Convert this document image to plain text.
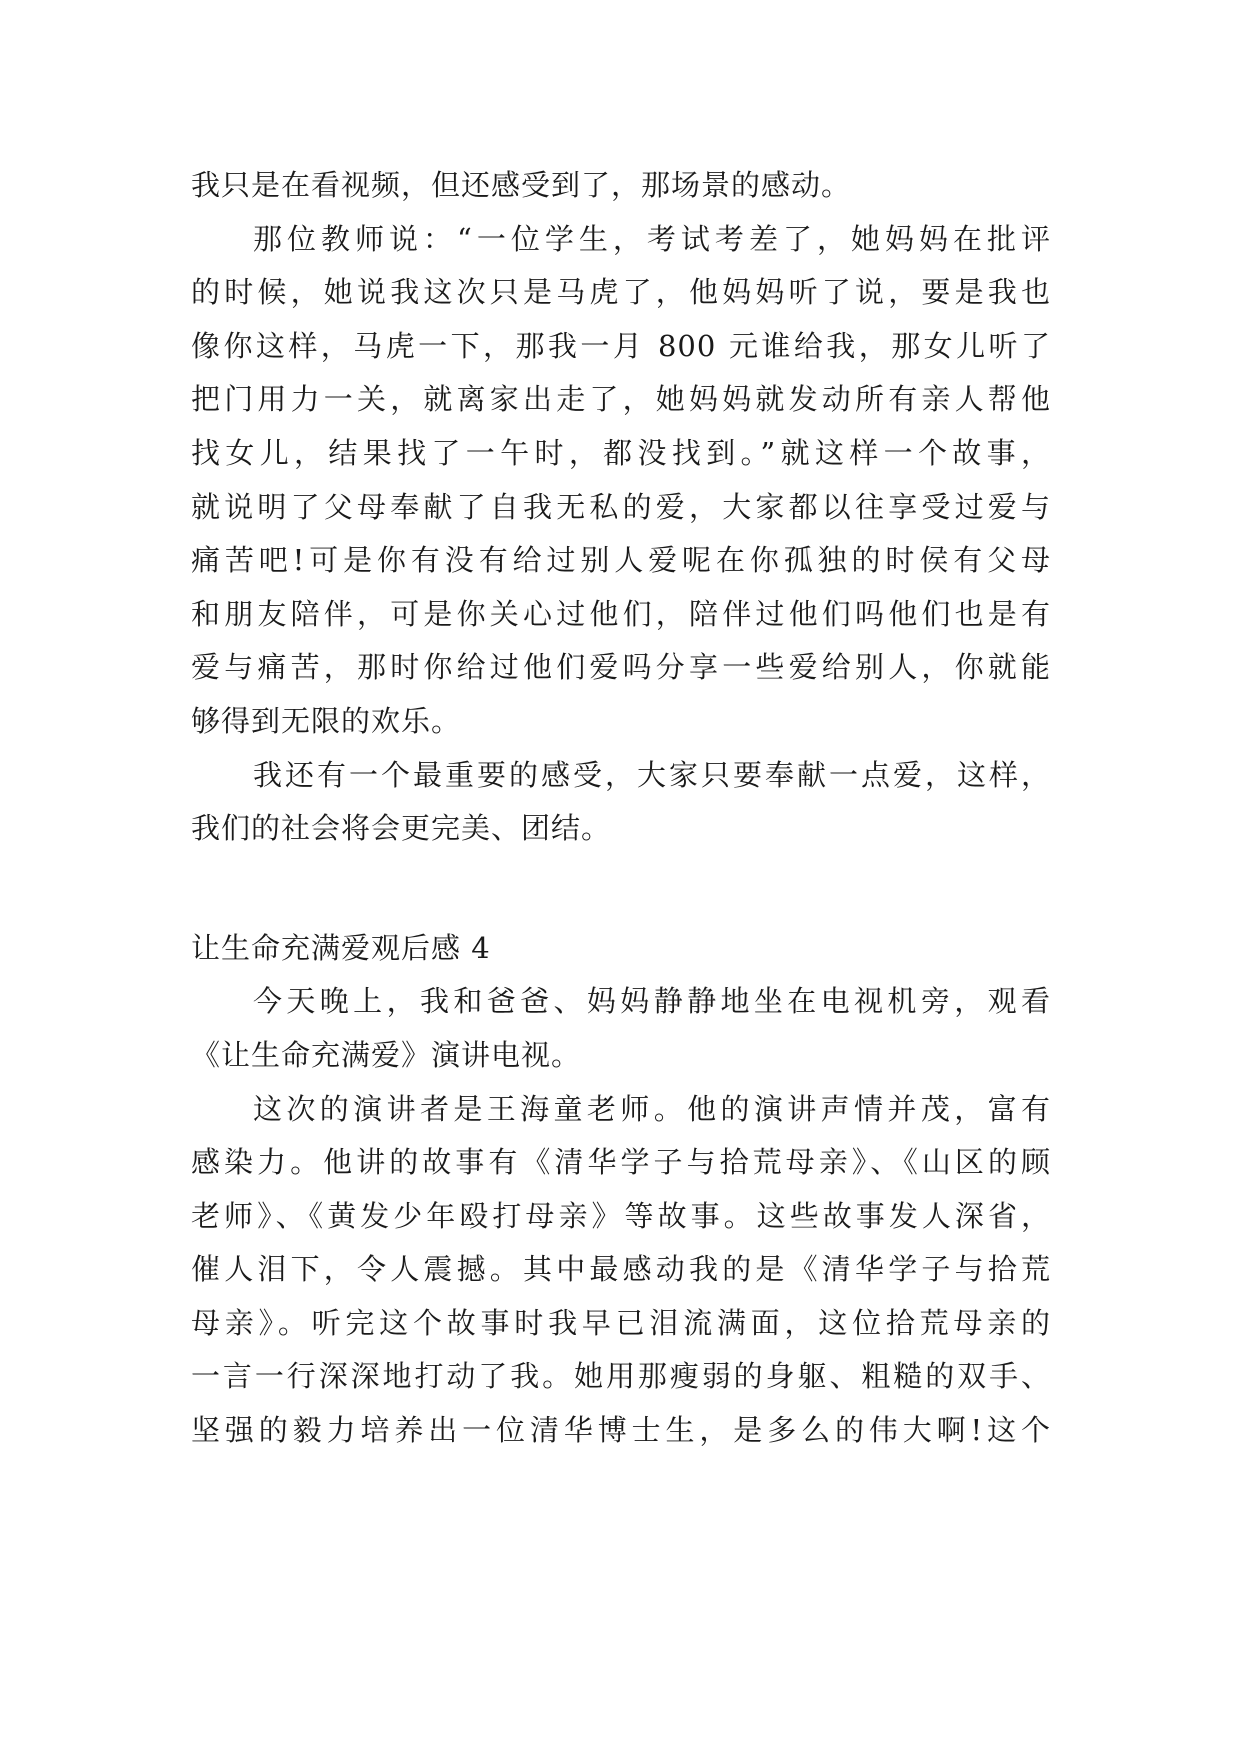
我只是在看视频，但还感受到了，那场景的感动。
那位教师说：“一位学生，考试考差了，她妈妈在批评
的时候，她说我这次只是马虎了，他妈妈听了说，要是我也
像你这样，马虎一下，那我一月 800 元谁给我，那女儿听了
把门用力一关，就离家出走了，她妈妈就发动所有亲人帮他
找女儿，结果找了一午时，都没找到。”就这样一个故事，
就说明了父母奉献了自我无私的爱，大家都以往享受过爱与
痛苦吧!可是你有没有给过别人爱呢在你孤独的时侯有父母
和朋友陪伴，可是你关心过他们，陪伴过他们吗他们也是有
爱与痛苦，那时你给过他们爱吗分享一些爱给别人，你就能
够得到无限的欢乐。
我还有一个最重要的感受，大家只要奉献一点爱，这样，
我们的社会将会更完美、团结。
让生命充满爱观后感 4
今天晚上，我和爸爸、妈妈静静地坐在电视机旁，观看
《让生命充满爱》演讲电视。
这次的演讲者是王海童老师。他的演讲声情并茂，富有
感染力。他讲的故事有《清华学子与拾荒母亲》、《山区的顾
老师》、《黄发少年殴打母亲》等故事。这些故事发人深省，
催人泪下，令人震撼。其中最感动我的是《清华学子与拾荒
母亲》。听完这个故事时我早已泪流满面，这位拾荒母亲的
一言一行深深地打动了我。她用那瘦弱的身躯、粗糙的双手、
坚强的毅力培养出一位清华博士生，是多么的伟大啊!这个
